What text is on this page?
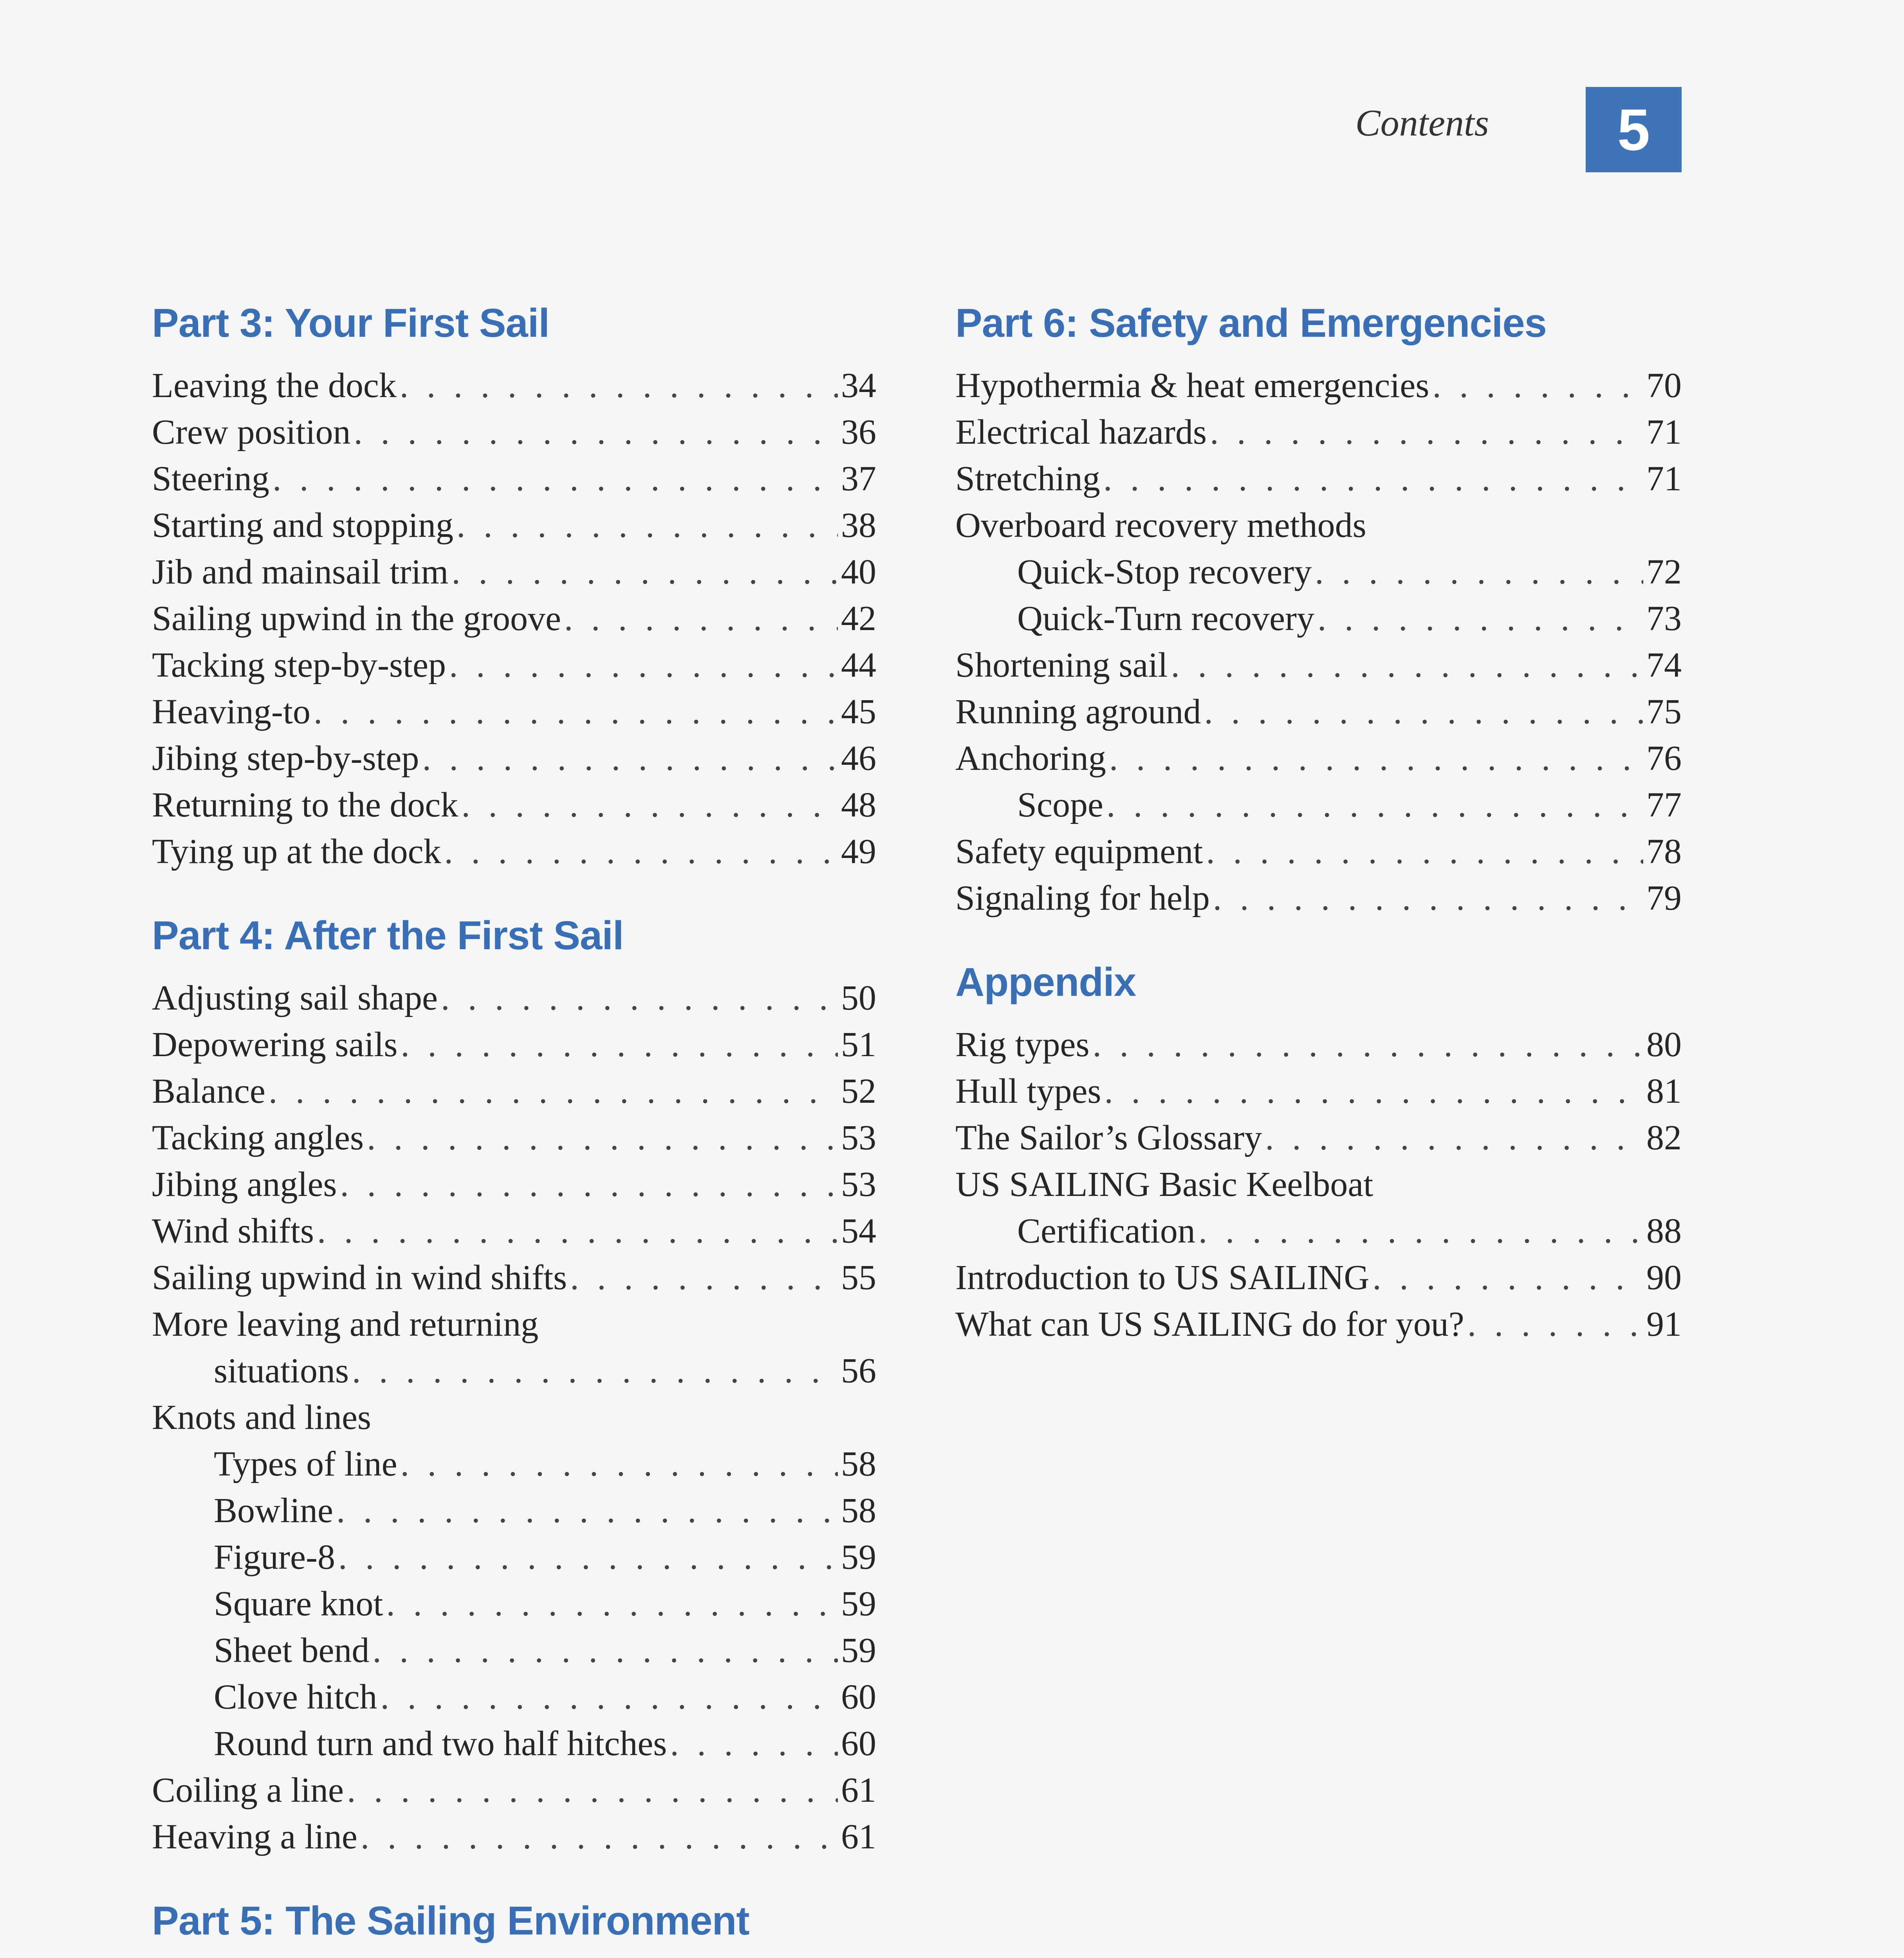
Contents	5
Part 3: Your First Sail
Leaving the dock . . .	34
Crew position . . .	36
Steering . . .	37
Starting and stopping . . .	38
Jib and mainsail trim . . .	40
Sailing upwind in the groove . . .	42
Tacking step-by-step . . .	44
Heaving-to . . .	45
Jibing step-by-step . . .	46
Returning to the dock . . .	48
Tying up at the dock . . .	49
Part 4: After the First Sail
Adjusting sail shape . . .	50
Depowering sails . . .	51
Balance . . .	52
Tacking angles . . .	53
Jibing angles . . .	53
Wind shifts . . .	54
Sailing upwind in wind shifts . . .	55
More leaving and returning
situations . . .	56
Knots and lines
Types of line . . .	58
Bowline . . .	58
Figure-8 . . .	59
Square knot . . .	59
Sheet bend . . .	59
Clove hitch . . .	60
Round turn and two half hitches . . .	60
Coiling a line . . .	61
Heaving a line . . .	61
Part 5: The Sailing Environment
Part 6: Safety and Emergencies
Hypothermia & heat emergencies . . .	70
Electrical hazards . . .	71
Stretching . . .	71
Overboard recovery methods
Quick-Stop recovery . . .	72
Quick-Turn recovery . . .	73
Shortening sail . . .	74
Running aground . . .	75
Anchoring . . .	76
Scope . . .	77
Safety equipment . . .	78
Signaling for help . . .	79
Appendix
Rig types . . .	80
Hull types . . .	81
The Sailor’s Glossary . . .	82
US SAILING Basic Keelboat
Certification . . .	88
Introduction to US SAILING . . .	90
What can US SAILING do for you? . . .	91
